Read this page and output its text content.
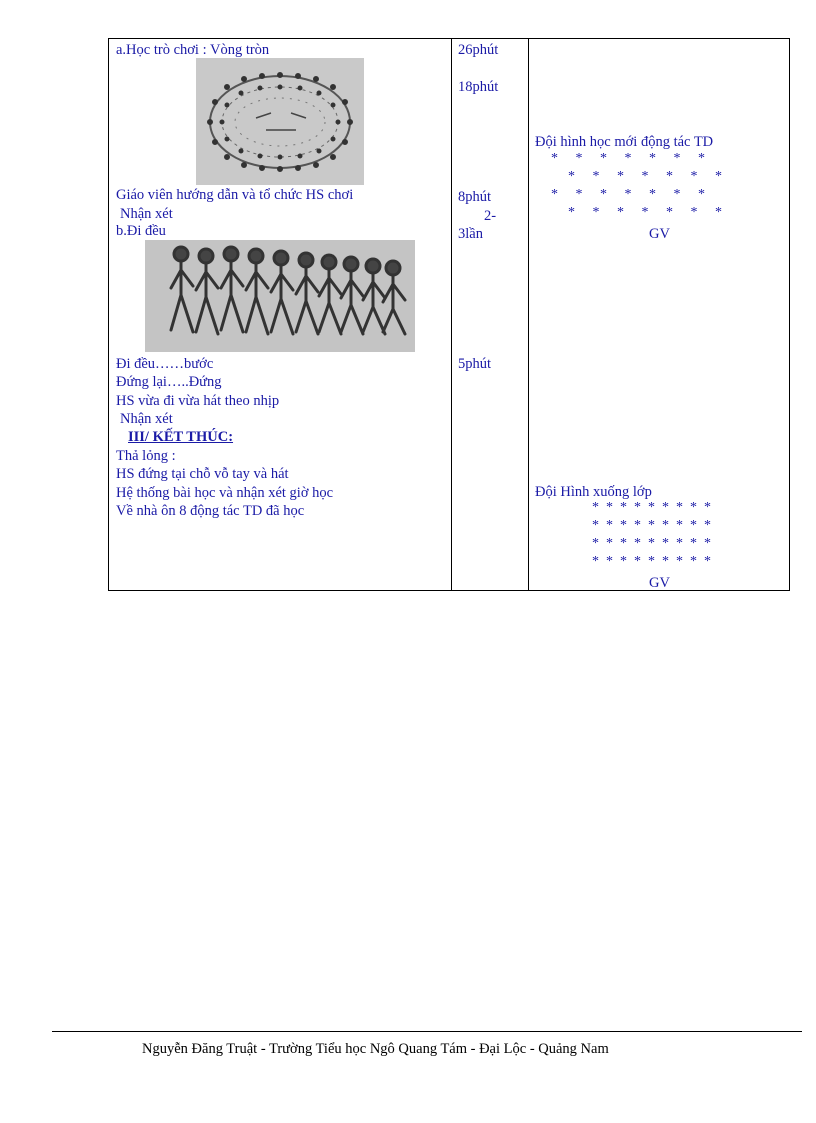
a.Học trò chơi : Vòng tròn
Giáo viên hướng dẫn và tổ chức HS chơi
Nhận xét
b.Đi đều
Đi đều……bước
Đứng lại…..Đứng
HS vừa đi vừa hát theo nhịp
Nhận xét
III/ KẾT THÚC:
Thả lỏng :
HS đứng tại chỗ vỗ tay và hát
Hệ thống bài học và nhận xét giờ học
Về nhà ôn 8 động tác TD đã học
26phút
18phút
8phút
2-
3lần
5phút
Đội hình học mới động tác TD
*     *     *     *     *     *     *
*     *     *     *     *     *     *
*     *     *     *     *     *     *
*     *     *     *     *     *     *
GV
Đội Hình xuống lớp
*  *  *  *  *  *  *  *  *
*  *  *  *  *  *  *  *  *
*  *  *  *  *  *  *  *  *
*  *  *  *  *  *  *  *  *
GV
Nguyễn Đăng Truật - Trường Tiểu học Ngô Quang Tám - Đại Lộc - Quảng Nam
